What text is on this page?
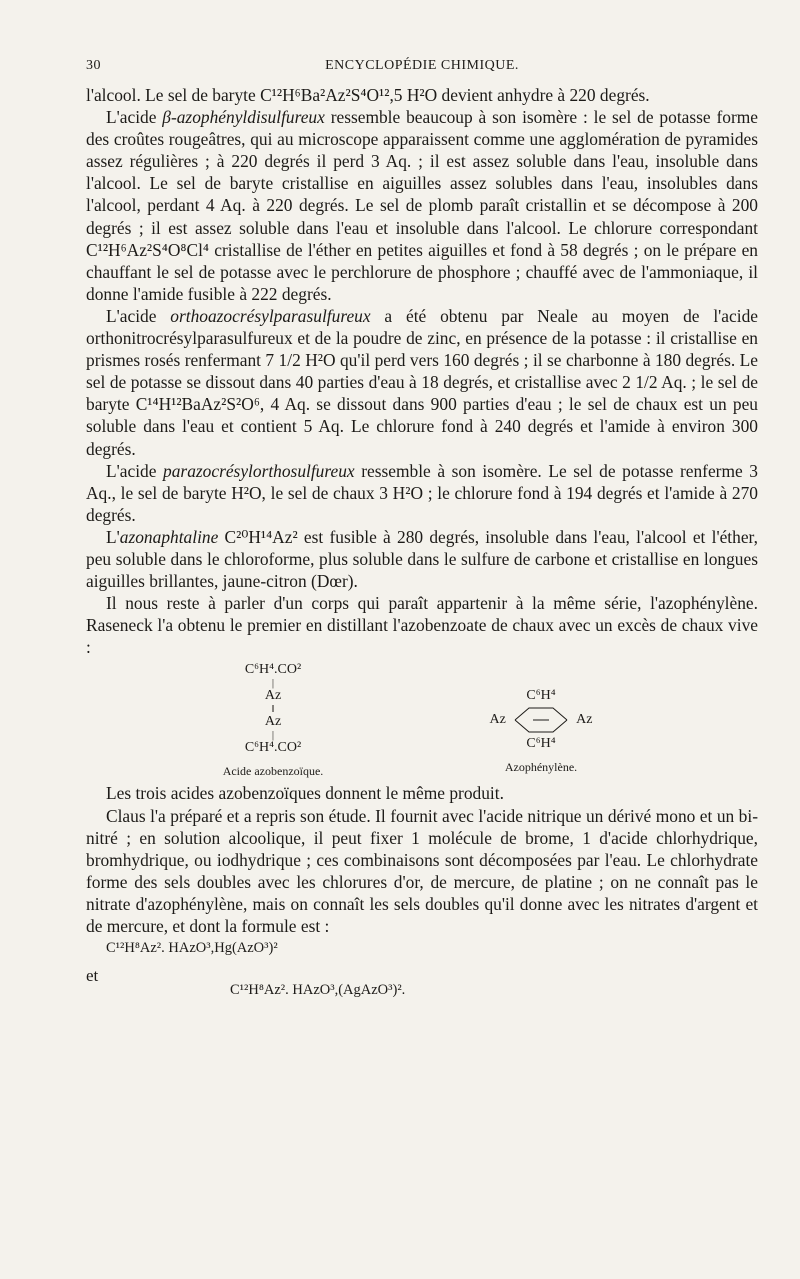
30	ENCYCLOPÉDIE CHIMIQUE.

l'alcool. Le sel de baryte C¹²H⁶Ba²Az²S⁴O¹²,5 H²O devient anhydre à 220 degrés.

L'acide β-azophényldisulfureux ressemble beaucoup à son isomère : le sel de potasse forme des croûtes rougeâtres, qui au microscope apparaissent comme une agglomération de pyramides assez régulières ; à 220 degrés il perd 3 Aq. ; il est assez soluble dans l'eau, insoluble dans l'alcool. Le sel de baryte cristallise en aiguilles assez solubles dans l'eau, insolubles dans l'alcool, perdant 4 Aq. à 220 degrés. Le sel de plomb paraît cristallin et se décompose à 200 degrés ; il est assez soluble dans l'eau et insoluble dans l'alcool. Le chlorure correspondant C¹²H⁶Az²S⁴O⁸Cl⁴ cristallise de l'éther en petites aiguilles et fond à 58 degrés ; on le prépare en chauffant le sel de potasse avec le perchlorure de phosphore ; chauffé avec de l'ammoniaque, il donne l'amide fusible à 222 degrés.

L'acide orthoazocrésylparasulfureux a été obtenu par Neale au moyen de l'acide orthonitrocrésylparasulfureux et de la poudre de zinc, en présence de la potasse : il cristallise en prismes rosés renfermant 7 1/2 H²O qu'il perd vers 160 degrés ; il se charbonne à 180 degrés. Le sel de potasse se dissout dans 40 parties d'eau à 18 degrés, et cristallise avec 2 1/2 Aq. ; le sel de baryte C¹⁴H¹²BaAz²S²O⁶, 4 Aq. se dissout dans 900 parties d'eau ; le sel de chaux est un peu soluble dans l'eau et contient 5 Aq. Le chlorure fond à 240 degrés et l'amide à environ 300 degrés.

L'acide parazocrésylorthosulfureux ressemble à son isomère. Le sel de potasse renferme 3 Aq., le sel de baryte H²O, le sel de chaux 3 H²O ; le chlorure fond à 194 degrés et l'amide à 270 degrés.

L'azonaphtaline C²⁰H¹⁴Az² est fusible à 280 degrés, insoluble dans l'eau, l'alcool et l'éther, peu soluble dans le chloroforme, plus soluble dans le sulfure de carbone et cristallise en longues aiguilles brillantes, jaune-citron (Dœr).

Il nous reste à parler d'un corps qui paraît appartenir à la même série, l'azophénylène. Raseneck l'a obtenu le premier en distillant l'azobenzoate de chaux avec un excès de chaux vive :

C⁶H⁴.CO²
|
Az
‖
Az
|
C⁶H⁴.CO²
Acide azobenzoïque.
C⁶H⁴
Az	Az
C⁶H⁴
Azophénylène.

Les trois acides azobenzoïques donnent le même produit.

Claus l'a préparé et a repris son étude. Il fournit avec l'acide nitrique un dérivé mono et un bi-nitré ; en solution alcoolique, il peut fixer 1 molécule de brome, 1 d'acide chlorhydrique, bromhydrique, ou iodhydrique ; ces combinaisons sont décomposées par l'eau. Le chlorhydrate forme des sels doubles avec les chlorures d'or, de mercure, de platine ; on ne connaît pas le nitrate d'azophénylène, mais on connaît les sels doubles qu'il donne avec les nitrates d'argent et de mercure, et dont la formule est :

C¹²H⁸Az². HAzO³,Hg(AzO³)²

et
C¹²H⁸Az². HAzO³,(AgAzO³)².
